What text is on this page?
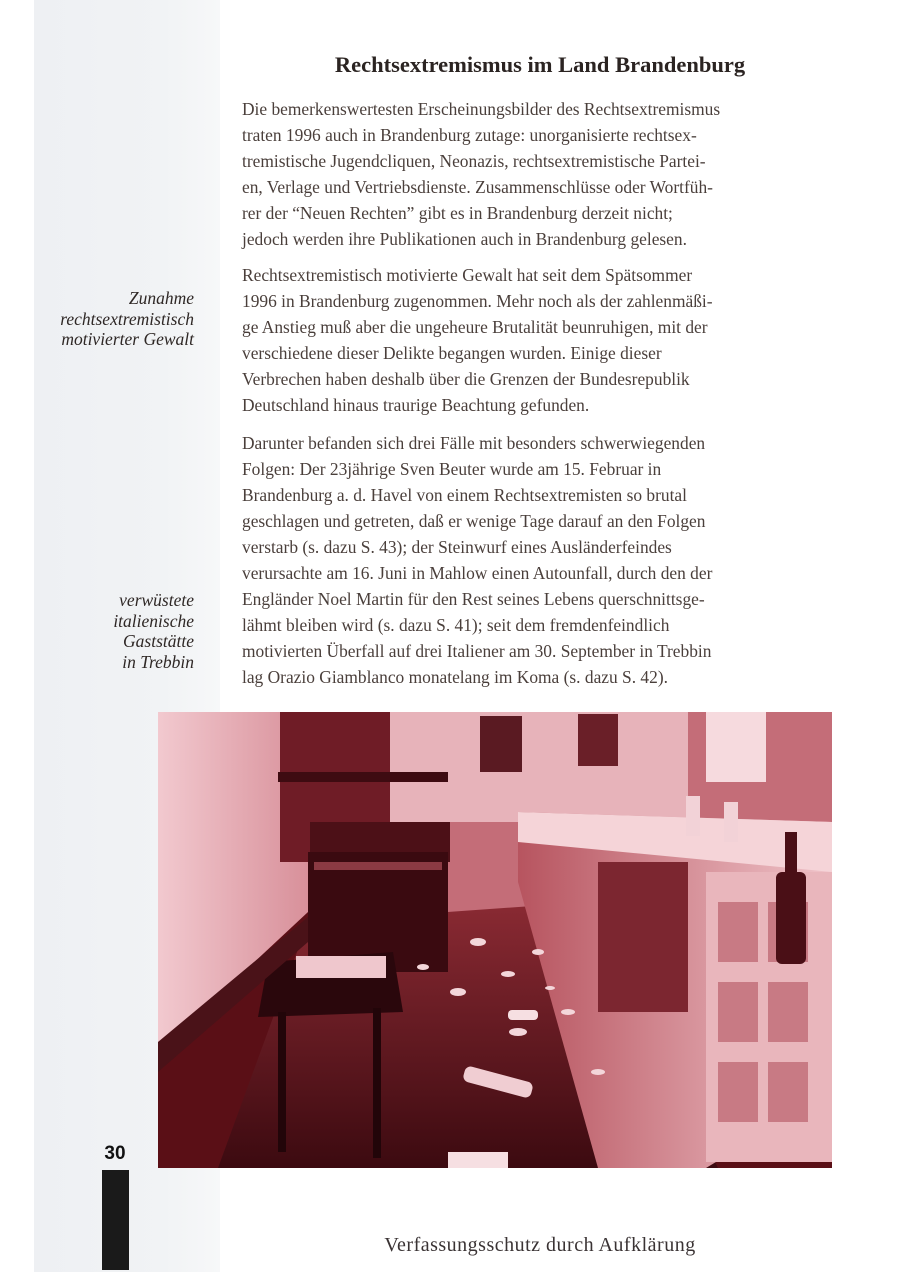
Rechtsextremismus im Land Brandenburg

Die bemerkenswertesten Erscheinungsbilder des Rechtsextremismus
traten 1996 auch in Brandenburg zutage: unorganisierte rechtsex-
tremistische Jugendcliquen, Neonazis, rechtsextremistische Partei-
en, Verlage und Vertriebsdienste. Zusammenschlüsse oder Wortfüh-
rer der “Neuen Rechten” gibt es in Brandenburg derzeit nicht;
jedoch werden ihre Publikationen auch in Brandenburg gelesen.

Rechtsextremistisch motivierte Gewalt hat seit dem Spätsommer
1996 in Brandenburg zugenommen. Mehr noch als der zahlenmäßi-
ge Anstieg muß aber die ungeheure Brutalität beunruhigen, mit der
verschiedene dieser Delikte begangen wurden. Einige dieser
Verbrechen haben deshalb über die Grenzen der Bundesrepublik
Deutschland hinaus traurige Beachtung gefunden.

Darunter befanden sich drei Fälle mit besonders schwerwiegenden
Folgen: Der 23jährige Sven Beuter wurde am 15. Februar in
Brandenburg a. d. Havel von einem Rechtsextremisten so brutal
geschlagen und getreten, daß er wenige Tage darauf an den Folgen
verstarb (s. dazu S. 43); der Steinwurf eines Ausländerfeindes
verursachte am 16. Juni in Mahlow einen Autounfall, durch den der
Engländer Noel Martin für den Rest seines Lebens querschnittsge-
lähmt bleiben wird (s. dazu S. 41); seit dem fremdenfeindlich
motivierten Überfall auf drei Italiener am 30. September in Trebbin
lag Orazio Giamblanco monatelang im Koma (s. dazu S. 42).

Zunahme
rechtsextremistisch
motivierter Gewalt

verwüstete
italienische
Gaststätte
in Trebbin

30
Verfassungsschutz durch Aufklärung
